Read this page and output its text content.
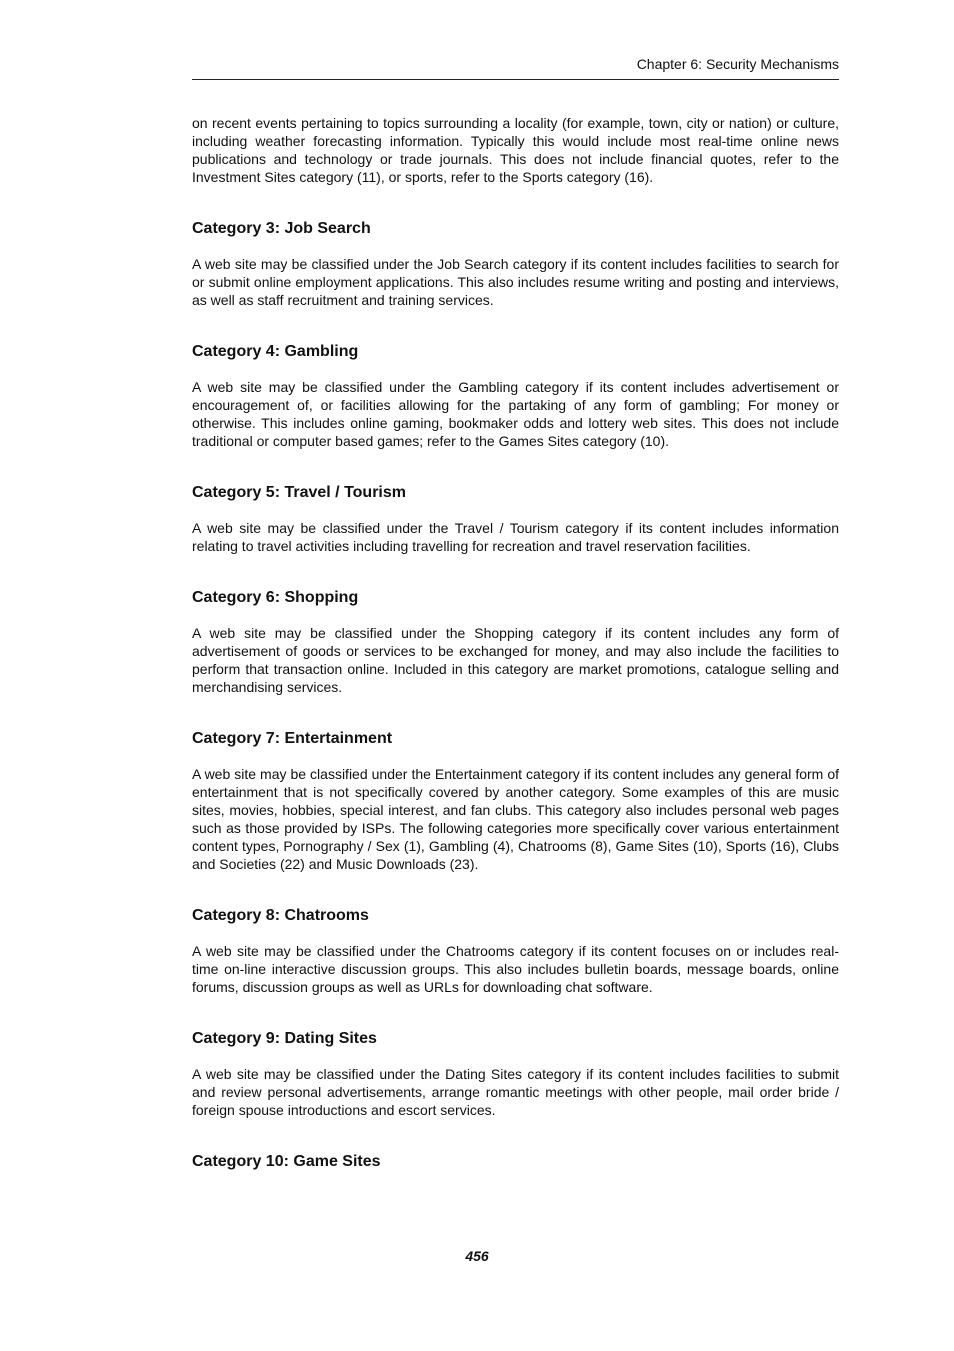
Chapter 6: Security Mechanisms

on recent events pertaining to topics surrounding a locality (for example, town, city or nation) or culture, including weather forecasting information. Typically this would include most real-time online news publications and technology or trade journals. This does not include financial quotes, refer to the Investment Sites category (11), or sports, refer to the Sports category (16).

Category 3: Job Search

A web site may be classified under the Job Search category if its content includes facilities to search for or submit online employment applications. This also includes resume writing and posting and interviews, as well as staff recruitment and training services.

Category 4: Gambling

A web site may be classified under the Gambling category if its content includes advertisement or encouragement of, or facilities allowing for the partaking of any form of gambling; For money or otherwise. This includes online gaming, bookmaker odds and lottery web sites. This does not include traditional or computer based games; refer to the Games Sites category (10).

Category 5: Travel / Tourism

A web site may be classified under the Travel / Tourism category if its content includes information relating to travel activities including travelling for recreation and travel reservation facilities.

Category 6: Shopping

A web site may be classified under the Shopping category if its content includes any form of advertisement of goods or services to be exchanged for money, and may also include the facilities to perform that transaction online. Included in this category are market promotions, catalogue selling and merchandising services.

Category 7: Entertainment

A web site may be classified under the Entertainment category if its content includes any general form of entertainment that is not specifically covered by another category. Some examples of this are music sites, movies, hobbies, special interest, and fan clubs. This category also includes personal web pages such as those provided by ISPs. The following categories more specifically cover various entertainment content types, Pornography / Sex (1), Gambling (4), Chatrooms (8), Game Sites (10), Sports (16), Clubs and Societies (22) and Music Downloads (23).

Category 8: Chatrooms

A web site may be classified under the Chatrooms category if its content focuses on or includes real-time on-line interactive discussion groups. This also includes bulletin boards, message boards, online forums, discussion groups as well as URLs for downloading chat software.

Category 9: Dating Sites

A web site may be classified under the Dating Sites category if its content includes facilities to submit and review personal advertisements, arrange romantic meetings with other people, mail order bride / foreign spouse introductions and escort services.

Category 10: Game Sites
456
